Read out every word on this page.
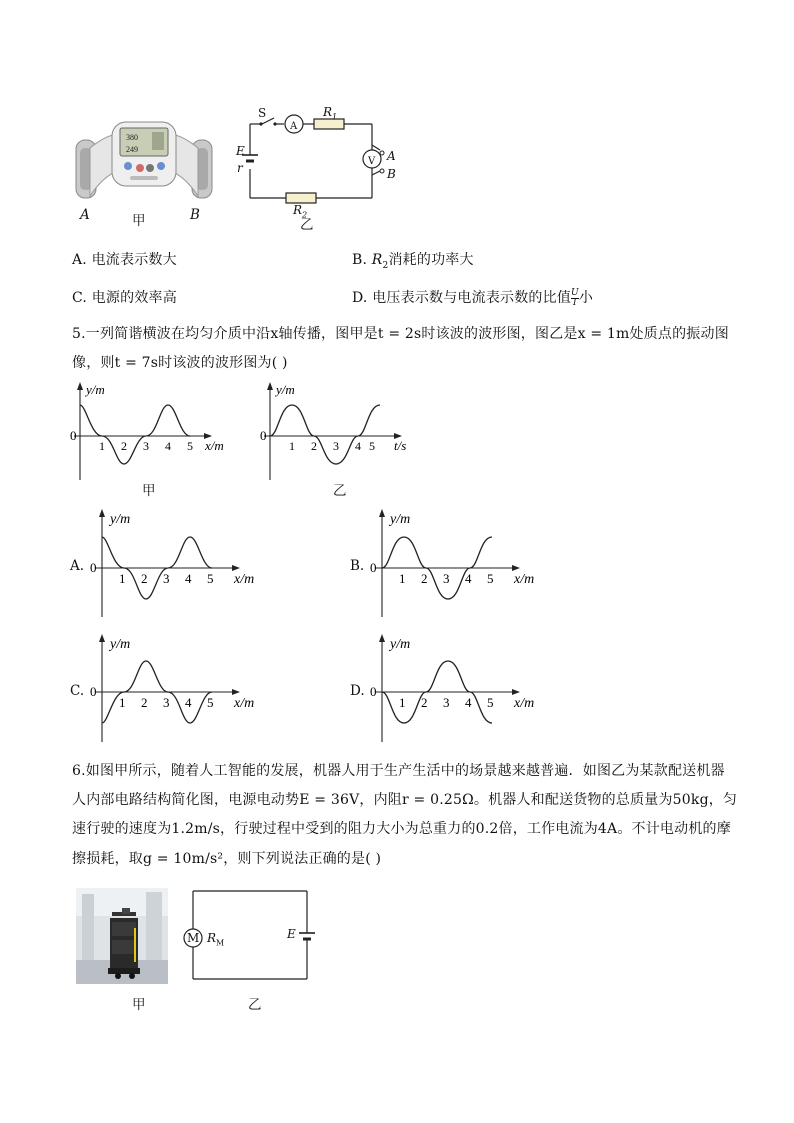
380
249
A	甲	B
S
A
$R_1$
V A
B
E
r
$R_2$
乙
A. 电流表示数大	B. $R_2$消耗的功率大
C. 电源的效率高	D. 电压表示数与电流表示数的比值 $\frac{U}{I}$ 小
5.一列简谐横波在均匀介质中沿x轴传播，图甲是t = 2s时该波的波形图，图乙是x = 1m处质点的振动图
像，则t = 7s时该波的波形图为( )
y/m
0
1 2 3 4 5 x/m
甲
y/m
0
1 2 3 4 5 t/s
乙
A.
y/m
0
1 2 3 4 5 x/m
B.
y/m
0
1 2 3 4 5 x/m
C.
y/m
0
1 2 3 4 5 x/m
D.
y/m
0
1 2 3 4 5 x/m
6.如图甲所示，随着人工智能的发展，机器人用于生产生活中的场景越来越普遍．如图乙为某款配送机器
人内部电路结构简化图，电源电动势E = 36V，内阻r = 0.25Ω。机器人和配送货物的总质量为50kg，匀
速行驶的速度为1.2m/s，行驶过程中受到的阻力大小为总重力的0.2倍，工作电流为4A。不计电动机的摩
擦损耗，取g = 10m/s²，则下列说法正确的是( )
甲
M $R_M$
E
乙
